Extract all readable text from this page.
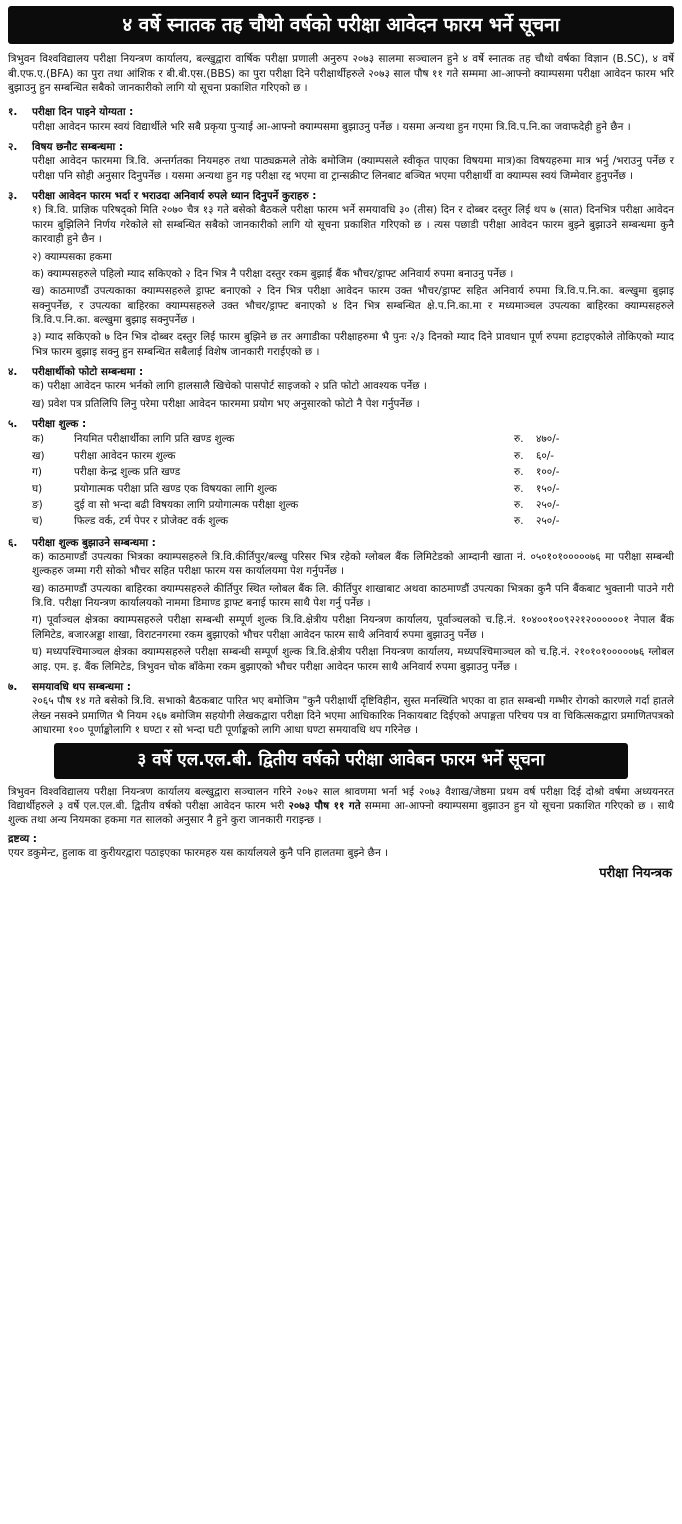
४ वर्षे स्नातक तह चौथो वर्षको परीक्षा आवेदन फारम भर्ने सूचना

त्रिभुवन विश्वविद्यालय परीक्षा नियन्त्रण कार्यालय, बल्खुद्वारा वार्षिक परीक्षा प्रणाली अनुरुप २०७३ सालमा सञ्चालन हुने ४ वर्षे स्नातक तह चौथो वर्षका विज्ञान (B.SC), ४ वर्षे बी.एफ.ए.(BFA) का पुरा तथा आंशिक र बी.बी.एस.(BBS) का पुरा परीक्षा दिने परीक्षार्थीहरुले २०७३ साल पौष ११ गते सम्ममा आ-आफ्नो क्याम्पसमा परीक्षा आवेदन फारम भरि बुझाउनु हुन सम्बन्धित सबैको जानकारीको लागि यो सूचना प्रकाशित गरिएको छ ।

१.	परीक्षा दिन पाइने योग्यता :

परीक्षा आवेदन फारम स्वयं विद्यार्थीले भरि सबै प्रकृया पुऱ्याई आ-आफ्नो क्याम्पसमा बुझाउनु पर्नेछ । यसमा अन्यथा हुन गएमा त्रि.वि.प.नि.का जवाफदेही हुने छैन ।

२.	विषय छनौट सम्बन्धमा :

परीक्षा आवेदन फारममा त्रि.वि. अन्तर्गतका नियमहरु तथा पाठ्यक्रमले तोके बमोजिम (क्याम्पसले स्वीकृत पाएका विषयमा मात्र)का विषयहरुमा मात्र भर्नु /भराउनु पर्नेछ र परीक्षा पनि सोही अनुसार दिनुपर्नेछ । यसमा अन्यथा हुन गइ परीक्षा रद्द भएमा वा ट्रान्सक्रीप्ट लिनबाट बञ्चित भएमा परीक्षार्थी वा क्याम्पस स्वयं जिम्मेवार हुनुपर्नेछ ।

३.	परीक्षा आवेदन फारम भर्दा र भराउदा अनिवार्य रुपले ध्यान दिनुपर्ने कुराहरु :

१) त्रि.वि. प्राज्ञिक परिषद्को मिति २०७० चैत्र १३ गते बसेको बैठकले परीक्षा फारम भर्ने समयावधि ३० (तीस) दिन र दोब्बर दस्तुर लिई थप ७ (सात) दिनभित्र परीक्षा आवेदन फारम बुझिलिने निर्णय गरेकोले सो सम्बन्धित सबैको जानकारीको लागि यो सूचना प्रकाशित गरिएको छ । त्यस पछाडी परीक्षा आवेदन फारम बुझ्ने बुझाउने सम्बन्धमा कुनै कारवाही हुने छैन ।

२) क्याम्पसका हकमा

क) क्याम्पसहरुले पहिलो म्याद सकिएको २ दिन भित्र नै परीक्षा दस्तुर रकम बुझाई बैंक भौचर/ड्राफ्ट अनिवार्य रुपमा बनाउनु पर्नेछ ।

ख) काठमाण्डौं उपत्यकाका क्याम्पसहरुले ड्राफ्ट बनाएको २ दिन भित्र परीक्षा आवेदन फारम उक्त भौचर/ड्राफ्ट सहित अनिवार्य रुपमा त्रि.वि.प.नि.का. बल्खुमा बुझाइ सक्नुपर्नेछ, र उपत्यका बाहिरका क्याम्पसहरुले उक्त भौचर/ड्राफ्ट बनाएको ४ दिन भित्र सम्बन्धित क्षे.प.नि.का.मा र मध्यमाञ्चल उपत्यका बाहिरका क्याम्पसहरुले त्रि.वि.प.नि.का. बल्खुमा बुझाइ सक्नुपर्नेछ ।

३) म्याद सकिएको ७ दिन भित्र दोब्बर दस्तुर लिई फारम बुझिने छ तर अगाडीका परीक्षाहरुमा भै पुनः २/३ दिनको म्याद दिने प्रावधान पूर्ण रुपमा हटाइएकोले तोकिएको म्याद भित्र फारम बुझाइ सक्नु हुन सम्बन्धित सबैलाई विशेष जानकारी गराईएको छ ।

४.	परीक्षार्थीको फोटो सम्बन्धमा :

क) परीक्षा आवेदन फारम भर्नको लागि हालसालै खिचेको पासपोर्ट साइजको २ प्रति फोटो आवश्यक पर्नेछ ।

ख) प्रवेश पत्र प्रतिलिपि लिनु परेमा परीक्षा आवेदन फारममा प्रयोग भए अनुसारको फोटो नै पेश गर्नुपर्नेछ ।

५.	परीक्षा शुल्क :
क)	नियमित परीक्षार्थीका लागि प्रति खण्ड शुल्क	रु.	४७०/-
ख)	परीक्षा आवेदन फारम शुल्क	रु.	६०/-
ग)	परीक्षा केन्द्र शुल्क प्रति खण्ड	रु.	१००/-
घ)	प्रयोगात्मक परीक्षा प्रति खण्ड एक विषयका लागि शुल्क	रु.	१५०/-
ङ)	दुई वा सो भन्दा बढी विषयका लागि प्रयोगात्मक परीक्षा शुल्क	रु.	२५०/-
च)	फिल्ड वर्क, टर्म पेपर र प्रोजेक्ट वर्क शुल्क	रु.	२५०/-
६.	परीक्षा शुल्क बुझाउने सम्बन्धमा :

क) काठमाण्डौं उपत्यका भित्रका क्याम्पसहरुले त्रि.वि.कीर्तिपुर/बल्खु परिसर भित्र रहेको ग्लोबल बैंक लिमिटेडको आम्दानी खाता नं. ०५०१०१०००००७६ मा परीक्षा सम्बन्धी शुल्कहरु जम्मा गरी सोको भौचर सहित परीक्षा फारम यस कार्यालयमा पेश गर्नुपर्नेछ ।

ख) काठमाण्डौं उपत्यका बाहिरका क्याम्पसहरुले कीर्तिपुर स्थित ग्लोबल बैंक लि. कीर्तिपुर शाखाबाट अथवा काठमाण्डौं उपत्यका भित्रका कुनै पनि बैंकबाट भुक्तानी पाउने गरी त्रि.वि. परीक्षा नियन्त्रण कार्यालयको नाममा डिमाण्ड ड्राफ्ट बनाई फारम साथै पेश गर्नु पर्नेछ ।

ग) पूर्वाञ्चल क्षेत्रका क्याम्पसहरुले परीक्षा सम्बन्धी सम्पूर्ण शुल्क त्रि.वि.क्षेत्रीय परीक्षा नियन्त्रण कार्यालय, पूर्वाञ्चलको च.हि.नं. १०४००१००९२२१२००००००१ नेपाल बैंक लिमिटेड, बजारअड्डा शाखा, विराटनगरमा रकम बुझाएको भौचर परीक्षा आवेदन फारम साथै अनिवार्य रुपमा बुझाउनु पर्नेछ ।

घ) मध्यपश्चिमाञ्चल क्षेत्रका क्याम्पसहरुले परीक्षा सम्बन्धी सम्पूर्ण शुल्क त्रि.वि.क्षेत्रीय परीक्षा नियन्त्रण कार्यालय, मध्यपश्चिमाञ्चल को च.हि.नं. २१०१०१०००००७६ ग्लोबल आइ. एम. इ. बैंक लिमिटेड, त्रिभुवन चोक बाँकेमा रकम बुझाएको भौचर परीक्षा आवेदन फारम साथै अनिवार्य रुपमा बुझाउनु पर्नेछ ।

७.	समयावधि थप सम्बन्धमा :

२०६५ पौष १४ गते बसेको त्रि.वि. सभाको बैठकबाट पारित भए बमोजिम "कुनै परीक्षार्थी दृष्टिविहीन, सुस्त मनस्थिति भएका वा हात सम्बन्धी गम्भीर रोगको कारणले गर्दा हातले लेख्न नसक्ने प्रमाणित भै नियम २६७ बमोजिम सहयोगी लेखकद्वारा परीक्षा दिने भएमा आधिकारिक निकायबाट दिईएको अपाङ्गता परिचय पत्र वा चिकित्सकद्वारा प्रमाणितपत्रको आधारमा १०० पूर्णाङ्कोलागि १ घण्टा र सो भन्दा घटी पूर्णाङ्कको लागि आधा घण्टा समयावधि थप गरिनेछ ।

३ वर्षे एल.एल.बी. द्वितीय वर्षको परीक्षा आवेबन फारम भर्ने सूचना

त्रिभुवन विश्वविद्यालय परीक्षा नियन्त्रण कार्यालय बल्खुद्वारा सञ्चालन गरिने २०७२ साल श्रावणमा भर्ना भई २०७३ वैशाख/जेष्ठमा प्रथम वर्ष परीक्षा दिई दोश्रो वर्षमा अध्ययनरत विद्यार्थीहरुले ३ वर्षे एल.एल.बी. द्वितीय वर्षको परीक्षा आवेदन फारम भरी २०७३ पौष ११ गते सम्ममा आ-आफ्नो क्याम्पसमा बुझाउन हुन यो सूचना प्रकाशित गरिएको छ । साथै शुल्क तथा अन्य नियमका हकमा गत सालको अनुसार नै हुने कुरा जानकारी गराइन्छ ।

द्रष्टव्य :

एयर डकुमेन्ट, हुलाक वा कुरीयरद्वारा पठाइएका फारमहरु यस कार्यालयले कुनै पनि हालतमा बुझ्ने छैन ।

परीक्षा नियन्त्रक
